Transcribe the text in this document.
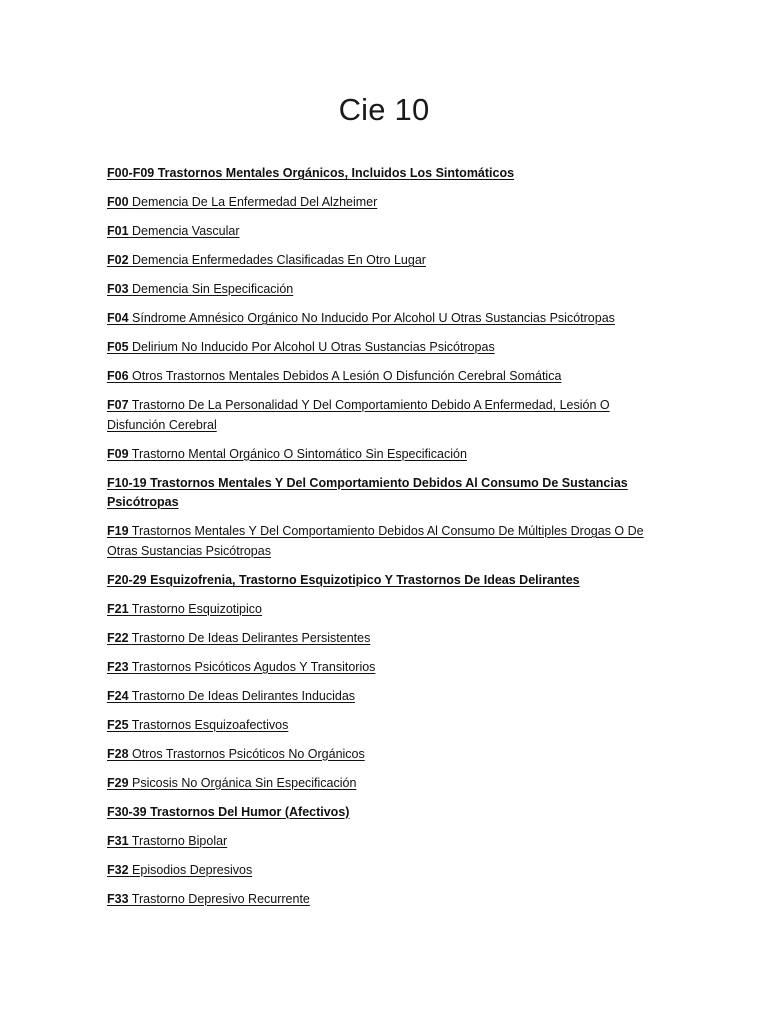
Cie 10
F00-F09 Trastornos Mentales Orgánicos, Incluidos Los Sintomáticos
F00 Demencia De La Enfermedad Del Alzheimer
F01 Demencia Vascular
F02 Demencia Enfermedades Clasificadas En Otro Lugar
F03 Demencia Sin Especificación
F04 Síndrome Amnésico Orgánico No Inducido Por Alcohol U Otras Sustancias Psicótropas
F05 Delirium No Inducido Por Alcohol U Otras Sustancias Psicótropas
F06 Otros Trastornos Mentales Debidos A Lesión O Disfunción Cerebral Somática
F07 Trastorno De La Personalidad Y Del Comportamiento Debido A Enfermedad, Lesión O Disfunción Cerebral
F09 Trastorno Mental Orgánico O Sintomático Sin Especificación
F10-19 Trastornos Mentales Y Del Comportamiento Debidos Al Consumo De Sustancias Psicótropas
F19 Trastornos Mentales Y Del Comportamiento Debidos Al Consumo De Múltiples Drogas O De Otras Sustancias Psicótropas
F20-29 Esquizofrenia, Trastorno Esquizotipico Y Trastornos De Ideas Delirantes
F21 Trastorno Esquizotipico
F22 Trastorno De Ideas Delirantes Persistentes
F23 Trastornos Psicóticos Agudos Y Transitorios
F24 Trastorno De Ideas Delirantes Inducidas
F25 Trastornos Esquizoafectivos
F28 Otros Trastornos Psicóticos No Orgánicos
F29 Psicosis No Orgánica Sin Especificación
F30-39 Trastornos Del Humor (Afectivos)
F31 Trastorno Bipolar
F32 Episodios Depresivos
F33 Trastorno Depresivo Recurrente
